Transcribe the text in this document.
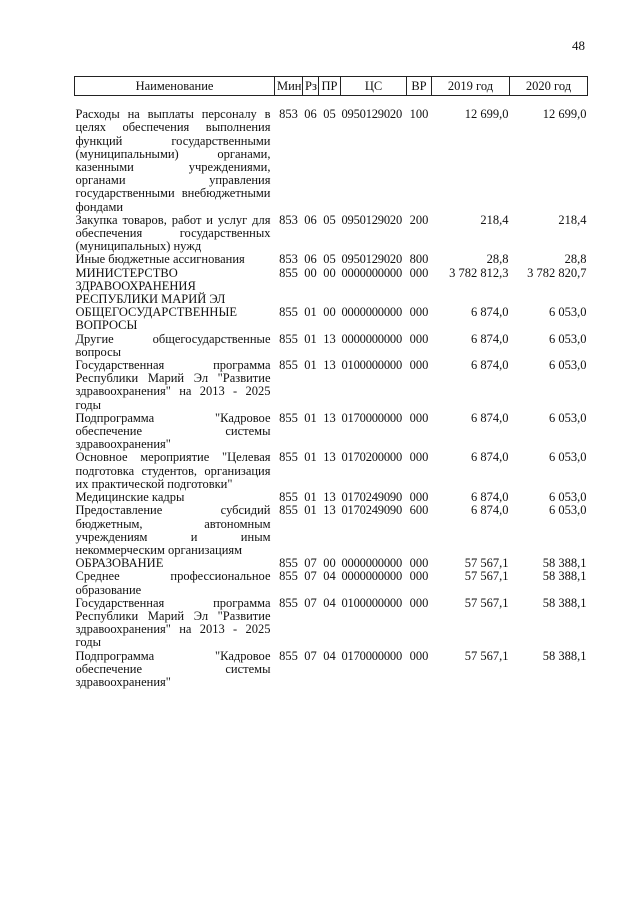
48
Наименование	Мин	Рз	ПР	ЦС	ВР	2019 год	2020 год
Расходы на выплаты персоналу в целях обеспечения выполнения функций государственными (муниципальными) органами, казенными учреждениями, органами управления государственными внебюджетными фондами	853	06	05	0950129020	100	12 699,0	12 699,0
Закупка товаров, работ и услуг для обеспечения государственных (муниципальных) нужд	853	06	05	0950129020	200	218,4	218,4
Иные бюджетные ассигнования	853	06	05	0950129020	800	28,8	28,8
МИНИСТЕРСТВО ЗДРАВООХРАНЕНИЯ РЕСПУБЛИКИ МАРИЙ ЭЛ	855	00	00	0000000000	000	3 782 812,3	3 782 820,7
ОБЩЕГОСУДАРСТВЕННЫЕ ВОПРОСЫ	855	01	00	0000000000	000	6 874,0	6 053,0
Другие общегосударственные вопросы	855	01	13	0000000000	000	6 874,0	6 053,0
Государственная программа Республики Марий Эл "Развитие здравоохранения" на 2013 - 2025 годы	855	01	13	0100000000	000	6 874,0	6 053,0
Подпрограмма "Кадровое обеспечение системы здравоохранения"	855	01	13	0170000000	000	6 874,0	6 053,0
Основное мероприятие "Целевая подготовка студентов, организация их практической подготовки"	855	01	13	0170200000	000	6 874,0	6 053,0
Медицинские кадры	855	01	13	0170249090	000	6 874,0	6 053,0
Предоставление субсидий бюджетным, автономным учреждениям и иным некоммерческим организациям	855	01	13	0170249090	600	6 874,0	6 053,0
ОБРАЗОВАНИЕ	855	07	00	0000000000	000	57 567,1	58 388,1
Среднее профессиональное образование	855	07	04	0000000000	000	57 567,1	58 388,1
Государственная программа Республики Марий Эл "Развитие здравоохранения" на 2013 - 2025 годы	855	07	04	0100000000	000	57 567,1	58 388,1
Подпрограмма "Кадровое обеспечение системы здравоохранения"	855	07	04	0170000000	000	57 567,1	58 388,1
